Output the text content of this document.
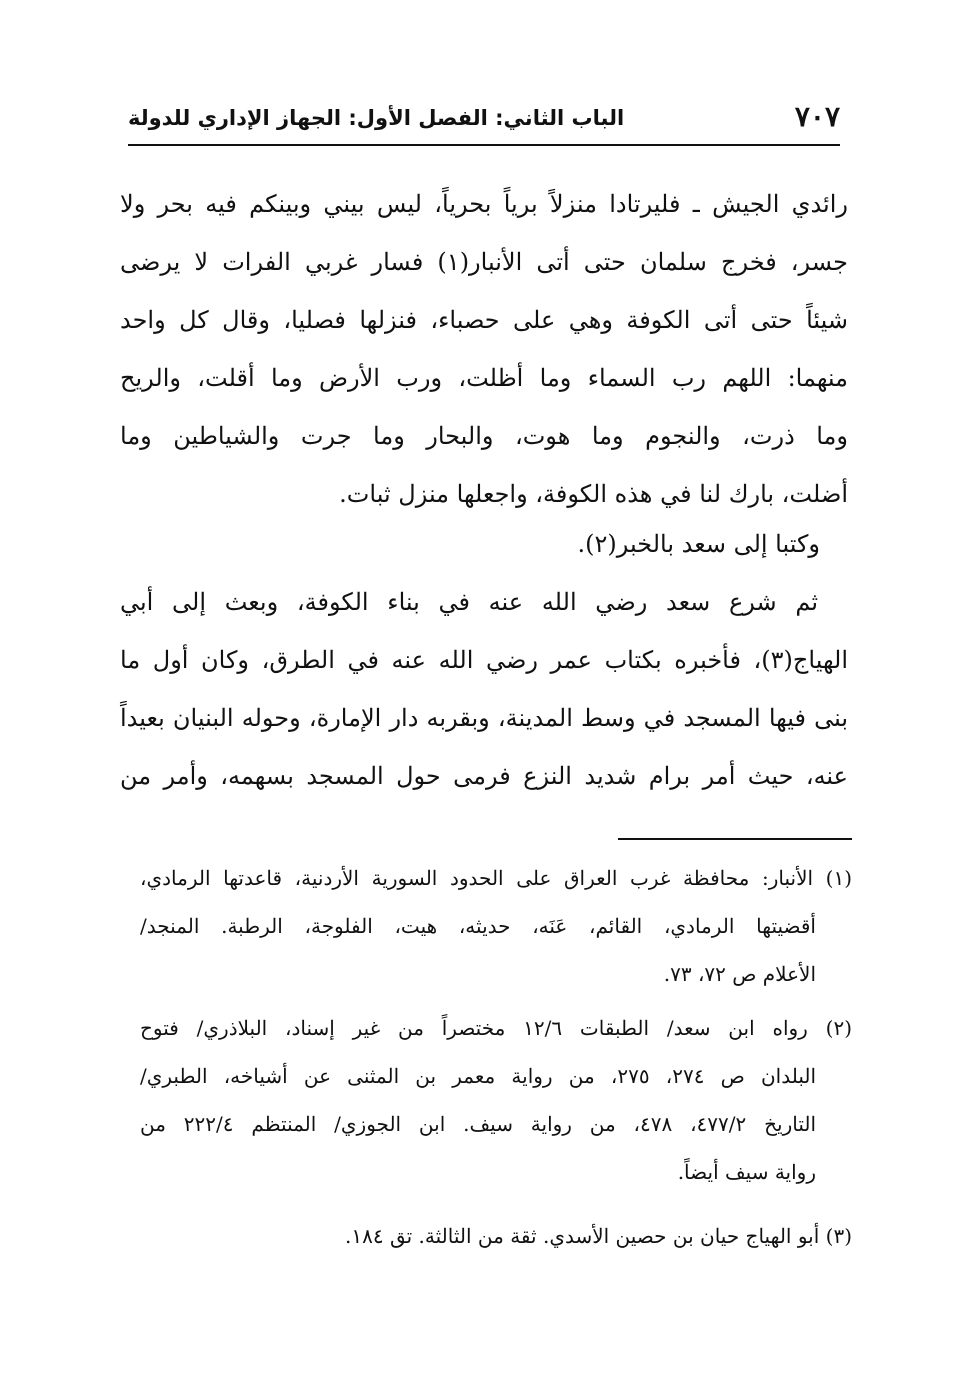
٧٠٧
الباب الثاني: الفصل الأول: الجهاز الإداري للدولة
رائدي الجيش ـ فليرتادا منزلاً برياً بحرياً، ليس بيني وبينكم فيه بحر ولا
جسر، فخرج سلمان حتى أتى الأنبار(١) فسار غربي الفرات لا يرضى
شيئاً حتى أتى الكوفة وهي على حصباء، فنزلها فصليا، وقال كل واحد
منهما: اللهم رب السماء وما أظلت، ورب الأرض وما أقلت، والريح
وما ذرت، والنجوم وما هوت، والبحار وما جرت والشياطين وما
أضلت، بارك لنا في هذه الكوفة، واجعلها منزل ثبات.
وكتبا إلى سعد بالخبر(٢).
ثم شرع سعد رضي الله عنه في بناء الكوفة، وبعث إلى أبي
الهياج(٣)، فأخبره بكتاب عمر رضي الله عنه في الطرق، وكان أول ما
بنى فيها المسجد في وسط المدينة، وبقربه دار الإمارة، وحوله البنيان بعيداً
عنه، حيث أمر برام شديد النزع فرمى حول المسجد بسهمه، وأمر من
(١) الأنبار: محافظة غرب العراق على الحدود السورية الأردنية، قاعدتها الرمادي،
أقضيتها الرمادي، القائم، عَنَه، حديثه، هيت، الفلوجة، الرطبة. المنجد/
الأعلام ص ٧٢، ٧٣.
(٢) رواه ابن سعد/ الطبقات ١٢/٦ مختصراً من غير إسناد، البلاذري/ فتوح
البلدان ص ٢٧٤، ٢٧٥، من رواية معمر بن المثنى عن أشياخه، الطبري/
التاريخ ٤٧٧/٢، ٤٧٨، من رواية سيف. ابن الجوزي/ المنتظم ٢٢٢/٤ من
رواية سيف أيضاً.
(٣) أبو الهياج حيان بن حصين الأسدي. ثقة من الثالثة. تق ١٨٤.
